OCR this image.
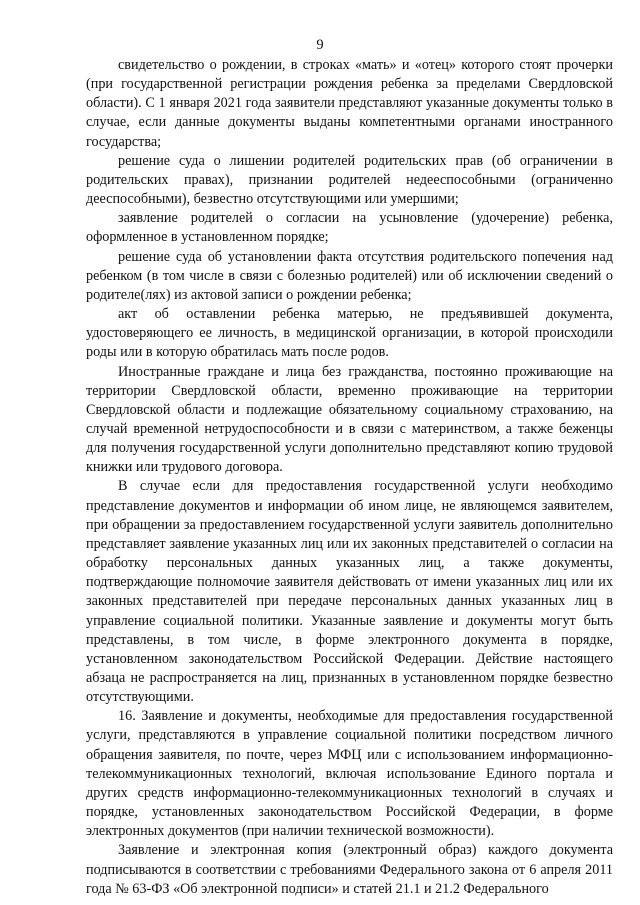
9

свидетельство о рождении, в строках «мать» и «отец» которого стоят прочерки (при государственной регистрации рождения ребенка за пределами Свердловской области). С 1 января 2021 года заявители представляют указанные документы только в случае, если данные документы выданы компетентными органами иностранного государства;

решение суда о лишении родителей родительских прав (об ограничении в родительских правах), признании родителей недееспособными (ограниченно дееспособными), безвестно отсутствующими или умершими;

заявление родителей о согласии на усыновление (удочерение) ребенка, оформленное в установленном порядке;

решение суда об установлении факта отсутствия родительского попечения над ребенком (в том числе в связи с болезнью родителей) или об исключении сведений о родителе(лях) из актовой записи о рождении ребенка;

акт об оставлении ребенка матерью, не предъявившей документа, удостоверяющего ее личность, в медицинской организации, в которой происходили роды или в которую обратилась мать после родов.

Иностранные граждане и лица без гражданства, постоянно проживающие на территории Свердловской области, временно проживающие на территории Свердловской области и подлежащие обязательному социальному страхованию, на случай временной нетрудоспособности и в связи с материнством, а также беженцы для получения государственной услуги дополнительно представляют копию трудовой книжки или трудового договора.

В случае если для предоставления государственной услуги необходимо представление документов и информации об ином лице, не являющемся заявителем, при обращении за предоставлением государственной услуги заявитель дополнительно представляет заявление указанных лиц или их законных представителей о согласии на обработку персональных данных указанных лиц, а также документы, подтверждающие полномочие заявителя действовать от имени указанных лиц или их законных представителей при передаче персональных данных указанных лиц в управление социальной политики. Указанные заявление и документы могут быть представлены, в том числе, в форме электронного документа в порядке, установленном законодательством Российской Федерации. Действие настоящего абзаца не распространяется на лиц, признанных в установленном порядке безвестно отсутствующими.

16. Заявление и документы, необходимые для предоставления государственной услуги, представляются в управление социальной политики посредством личного обращения заявителя, по почте, через МФЦ или с использованием информационно-телекоммуникационных технологий, включая использование Единого портала и других средств информационно-телекоммуникационных технологий в случаях и порядке, установленных законодательством Российской Федерации, в форме электронных документов (при наличии технической возможности).

Заявление и электронная копия (электронный образ) каждого документа подписываются в соответствии с требованиями Федерального закона от 6 апреля 2011 года № 63-ФЗ «Об электронной подписи» и статей 21.1 и 21.2 Федерального
